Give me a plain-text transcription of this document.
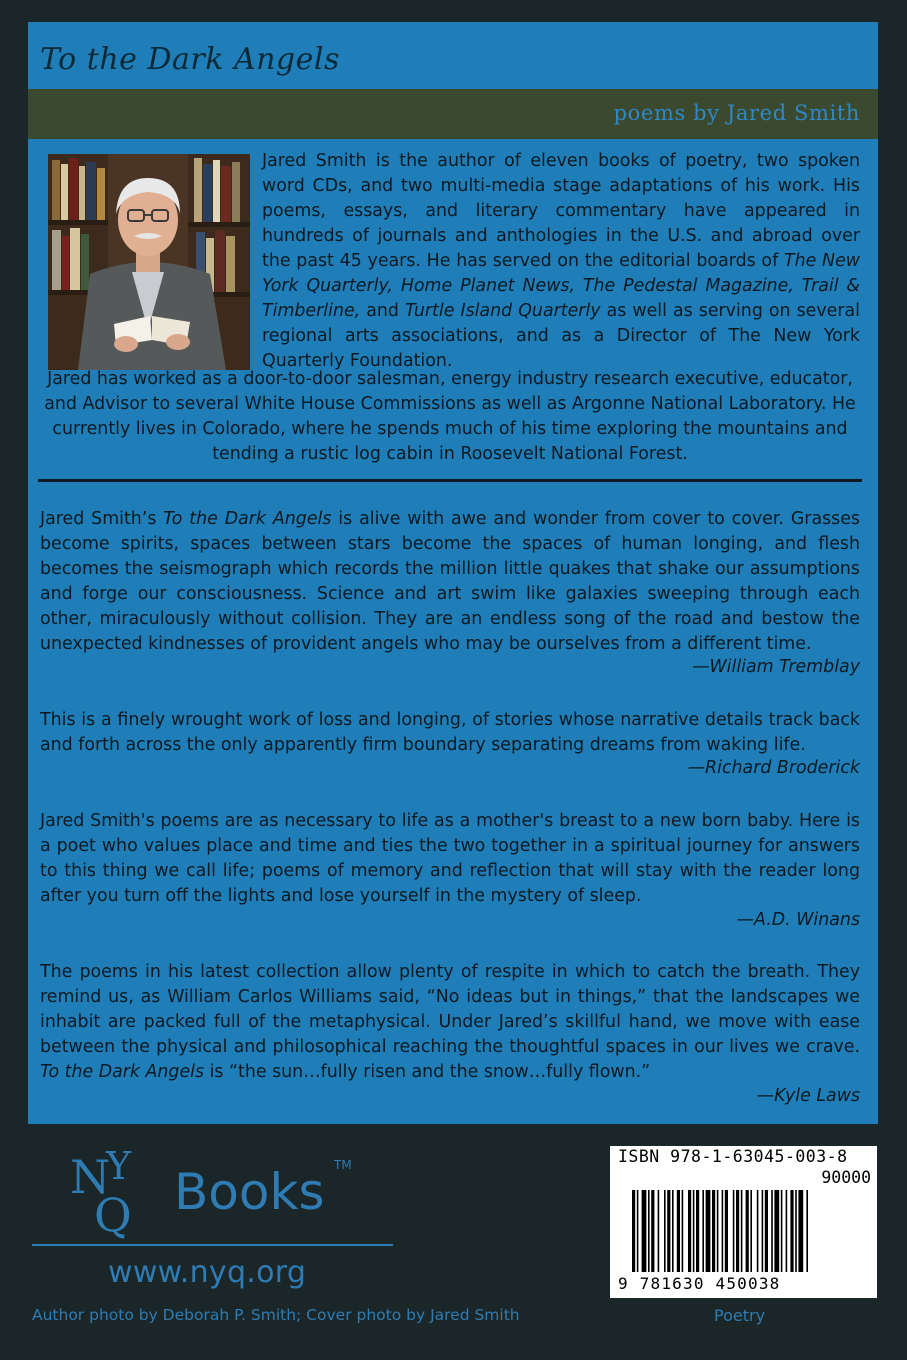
To the Dark Angels
poems by Jared Smith

Jared Smith is the author of eleven books of poetry, two spoken word CDs, and two multi-media stage adaptations of his work. His poems, essays, and literary commentary have appeared in hundreds of journals and anthologies in the U.S. and abroad over the past 45 years. He has served on the editorial boards of The New York Quarterly, Home Planet News, The Pedestal Magazine, Trail & Timberline, and Turtle Island Quarterly as well as serving on several regional arts associations, and as a Director of The New York Quarterly Foundation.

Jared has worked as a door-to-door salesman, energy industry research executive, educator, and Advisor to several White House Commissions as well as Argonne National Laboratory. He currently lives in Colorado, where he spends much of his time exploring the mountains and tending a rustic log cabin in Roosevelt National Forest.

Jared Smith’s To the Dark Angels is alive with awe and wonder from cover to cover. Grasses become spirits, spaces between stars become the spaces of human longing, and flesh becomes the seismograph which records the million little quakes that shake our assumptions and forge our consciousness. Science and art swim like galaxies sweeping through each other, miraculously without collision. They are an endless song of the road and bestow the unexpected kindnesses of provident angels who may be ourselves from a different time.

—William Tremblay

This is a finely wrought work of loss and longing, of stories whose narrative details track back and forth across the only apparently firm boundary separating dreams from waking life.

—Richard Broderick

Jared Smith's poems are as necessary to life as a mother's breast to a new born baby. Here is a poet who values place and time and ties the two together in a spiritual journey for answers to this thing we call life; poems of memory and reflection that will stay with the reader long after you turn off the lights and lose yourself in the mystery of sleep.

—A.D. Winans

The poems in his latest collection allow plenty of respite in which to catch the breath. They remind us, as William Carlos Williams said, “No ideas but in things,” that the landscapes we inhabit are packed full of the metaphysical. Under Jared’s skillful hand, we move with ease between the physical and philosophical reaching the thoughtful spaces in our lives we crave. To the Dark Angels is “the sun…fully risen and the snow…fully flown.”

—Kyle Laws

N
Y
Q Books TM
www.nyq.org
Author photo by Deborah P. Smith; Cover photo by Jared Smith
ISBN 978-1-63045-003-8
90000
9 781630 450038
Poetry
